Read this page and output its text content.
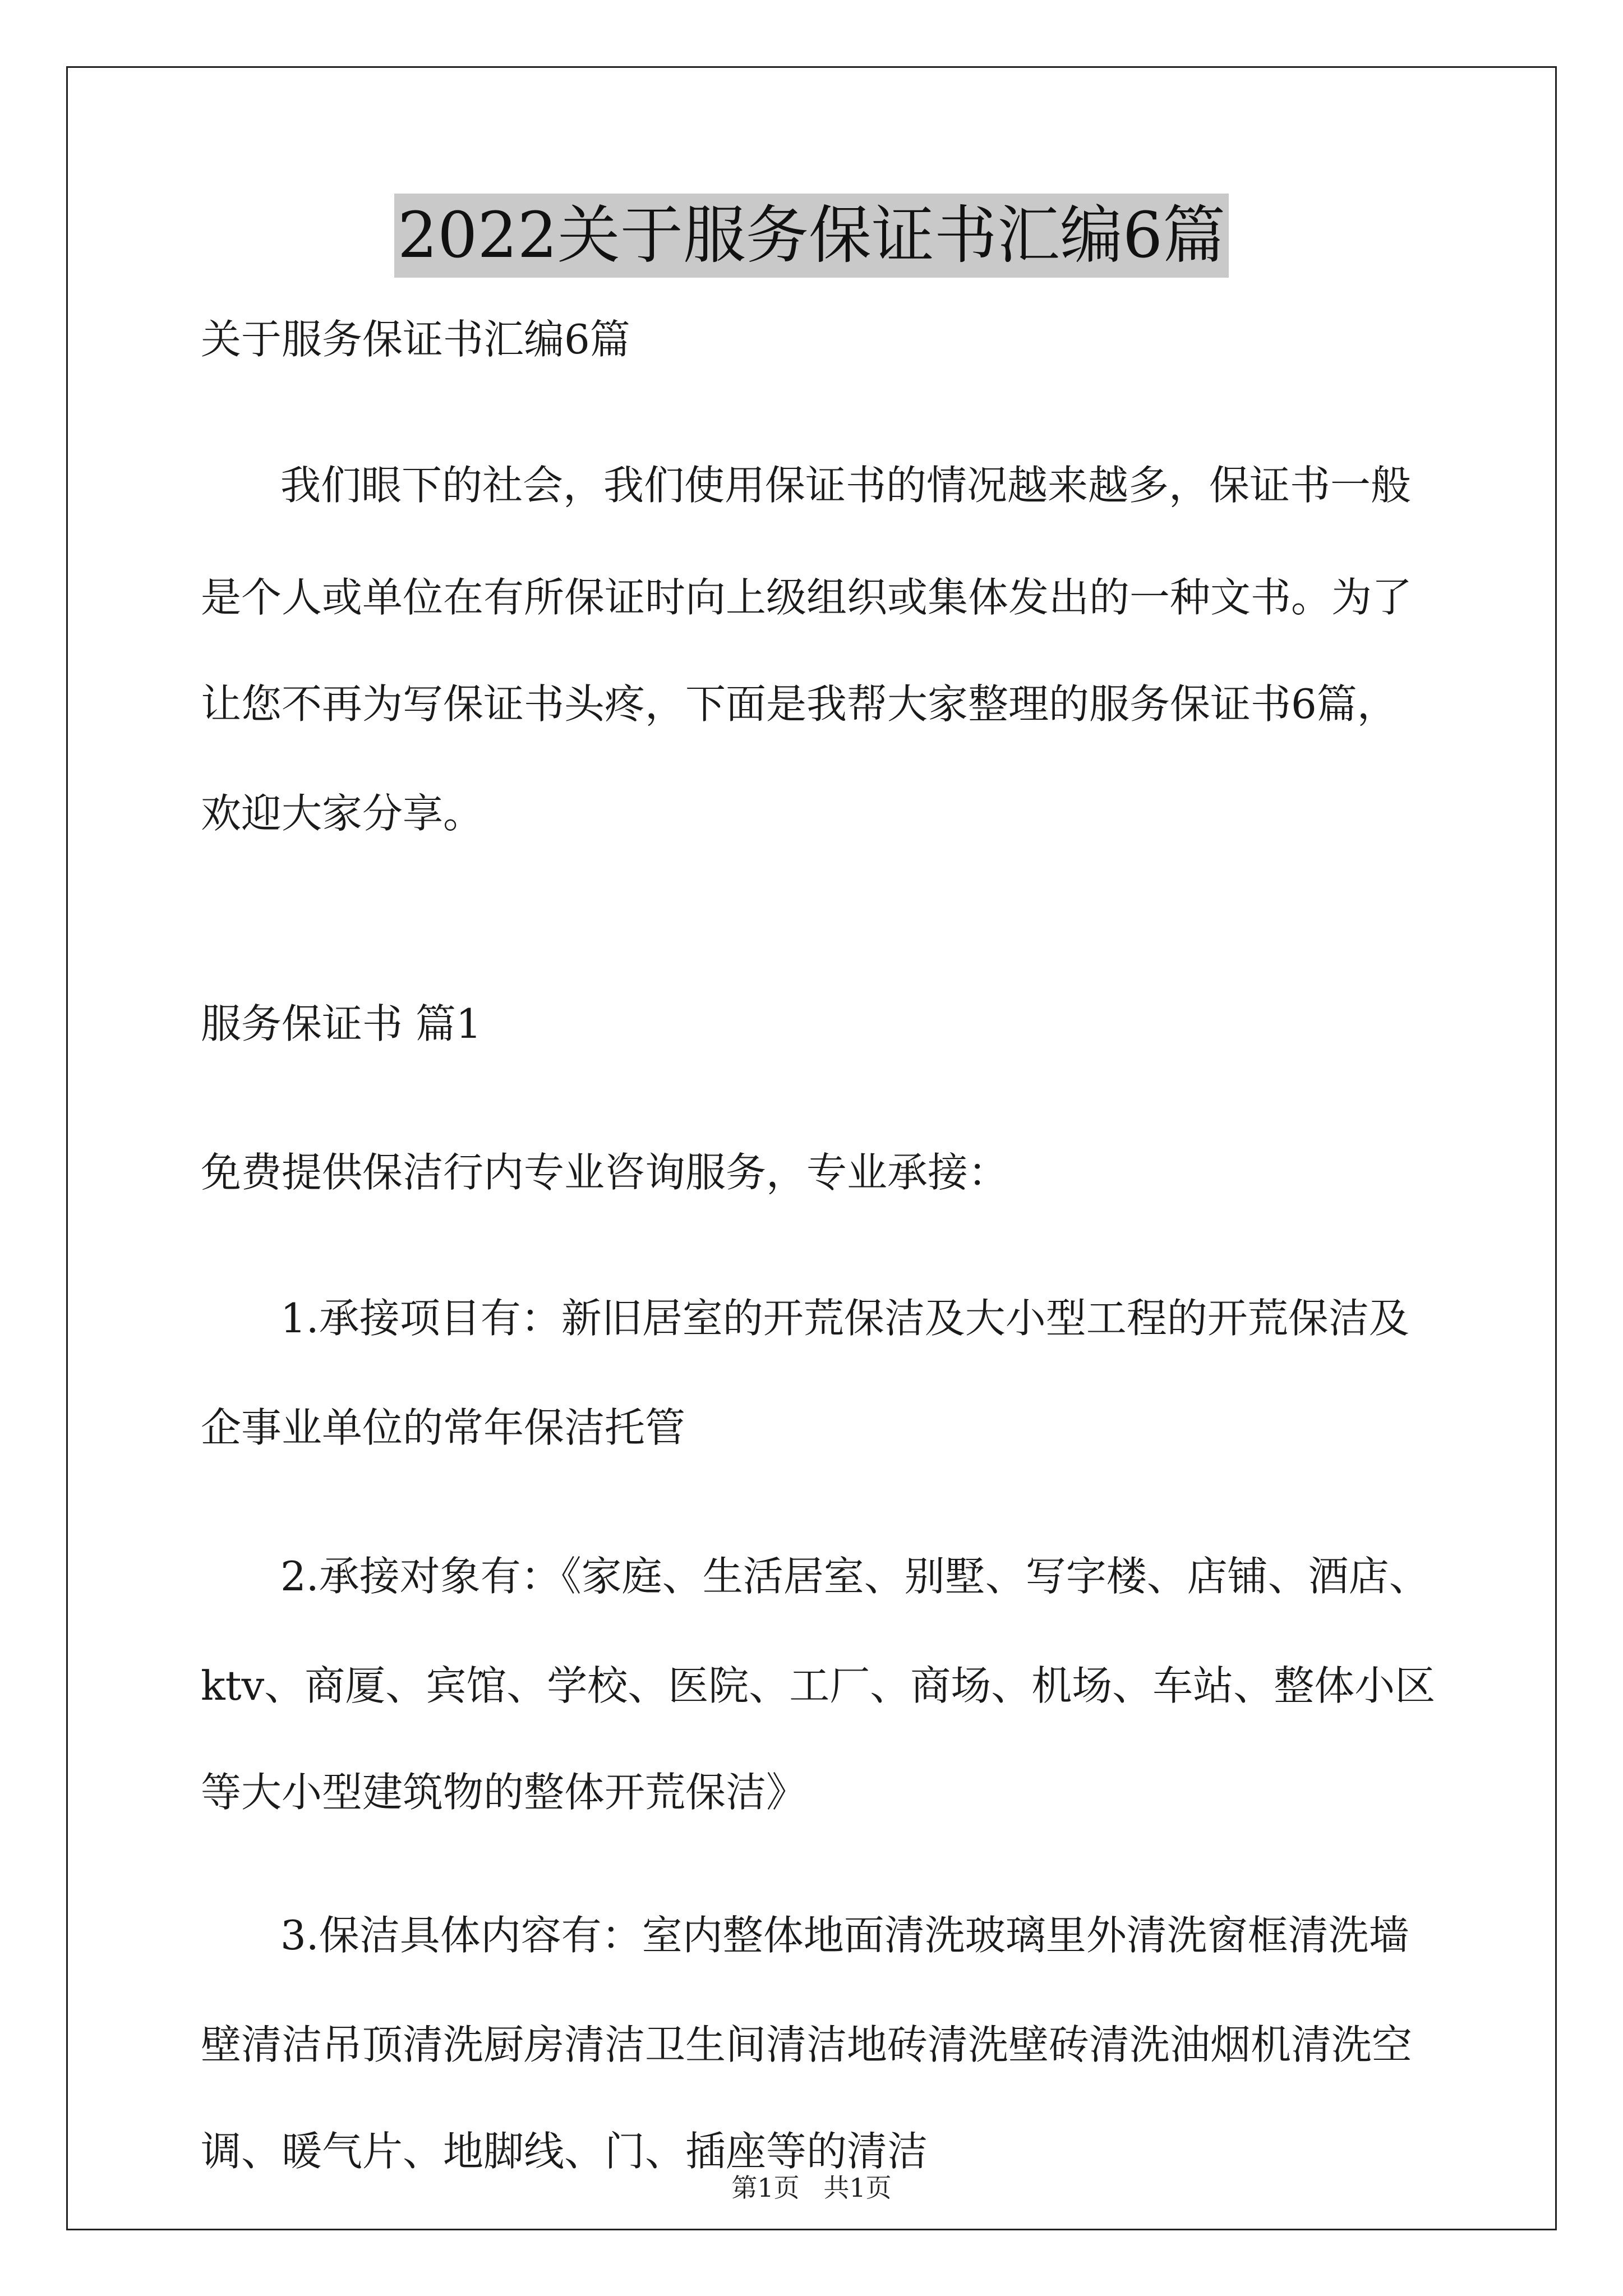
2022关于服务保证书汇编6篇
关于服务保证书汇编6篇
我们眼下的社会，我们使用保证书的情况越来越多，保证书一般
是个人或单位在有所保证时向上级组织或集体发出的一种文书。为了
让您不再为写保证书头疼，下面是我帮大家整理的服务保证书6篇，
欢迎大家分享。
服务保证书 篇1
免费提供保洁行内专业咨询服务，专业承接：
1.承接项目有：新旧居室的开荒保洁及大小型工程的开荒保洁及
企事业单位的常年保洁托管
2.承接对象有：《家庭、生活居室、别墅、写字楼、店铺、酒店、
ktv、商厦、宾馆、学校、医院、工厂、商场、机场、车站、整体小区
等大小型建筑物的整体开荒保洁》
3.保洁具体内容有：室内整体地面清洗玻璃里外清洗窗框清洗墙
壁清洁吊顶清洗厨房清洁卫生间清洁地砖清洗壁砖清洗油烟机清洗空
调、暖气片、地脚线、门、插座等的清洁
第1页 共1页
